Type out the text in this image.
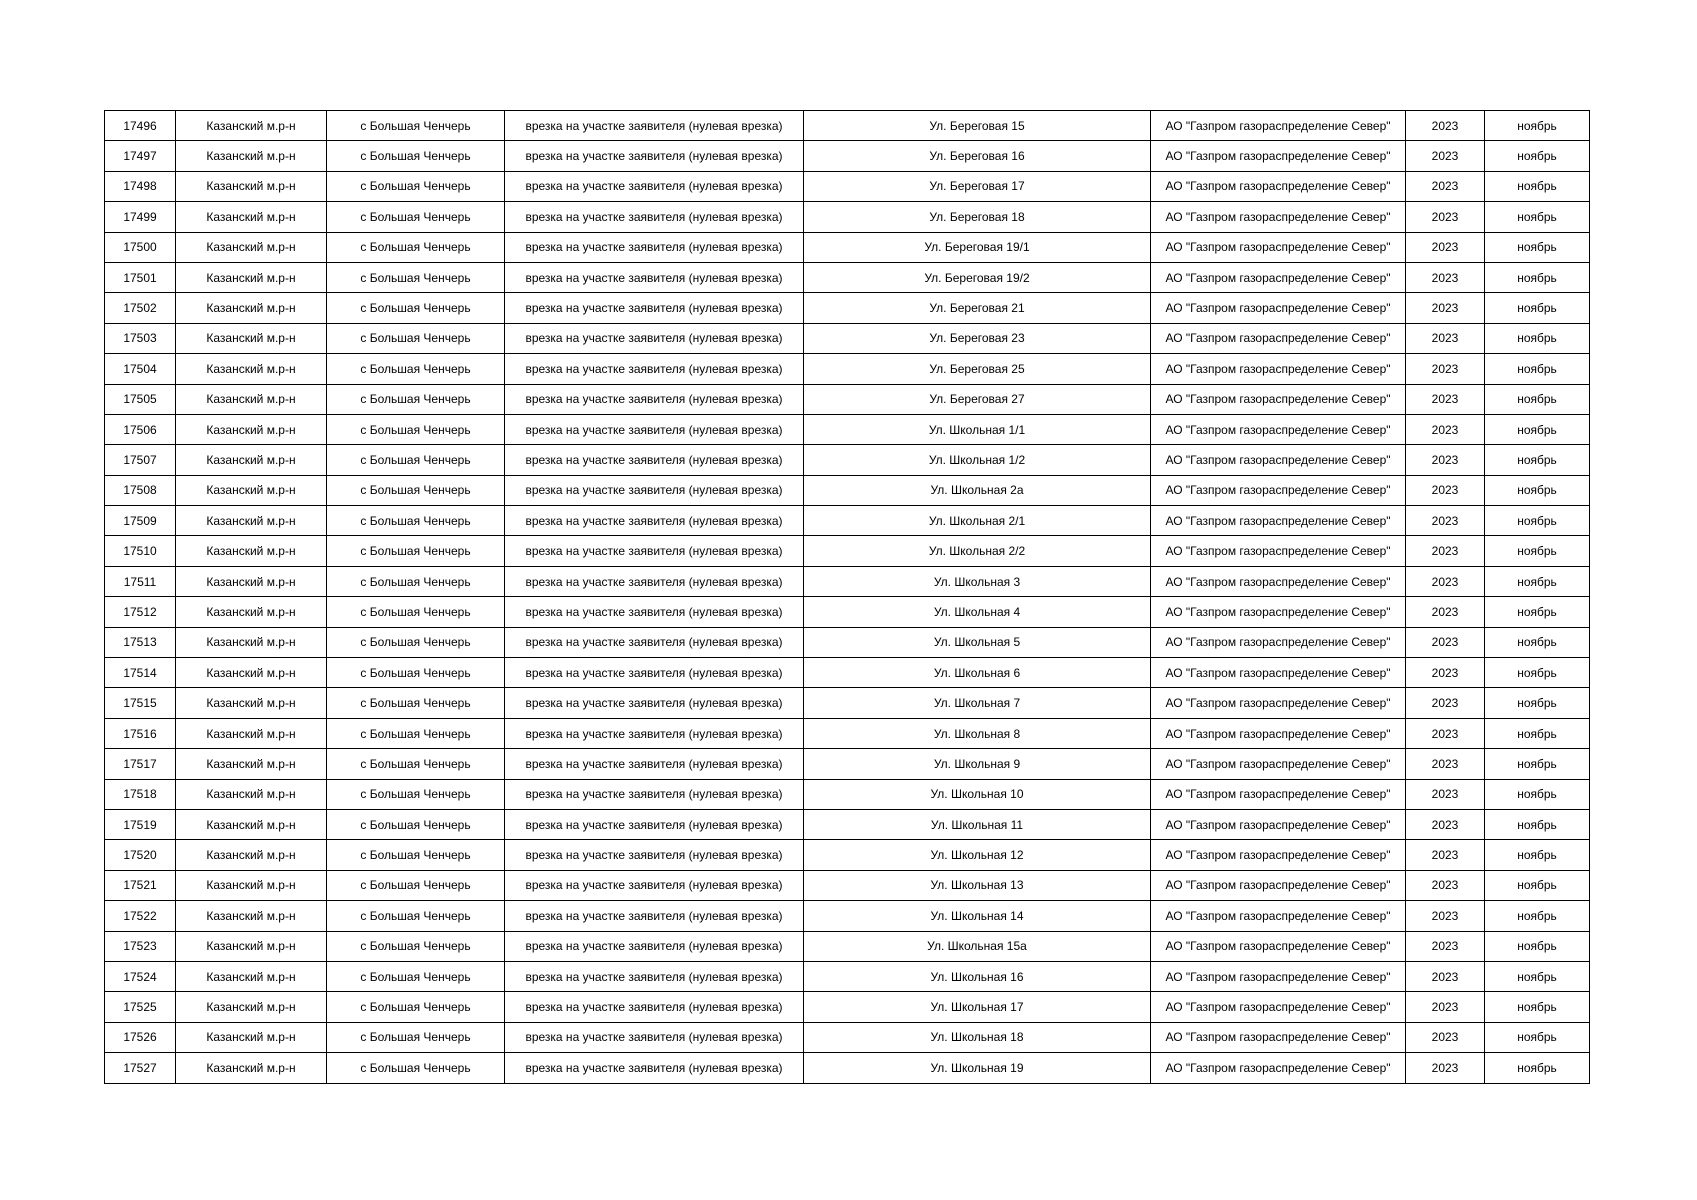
17496	Казанский м.р-н	с Большая Ченчерь	врезка на участке заявителя (нулевая врезка)	Ул. Береговая 15	АО "Газпром газораспределение Север"	2023	ноябрь
17497	Казанский м.р-н	с Большая Ченчерь	врезка на участке заявителя (нулевая врезка)	Ул. Береговая 16	АО "Газпром газораспределение Север"	2023	ноябрь
17498	Казанский м.р-н	с Большая Ченчерь	врезка на участке заявителя (нулевая врезка)	Ул. Береговая 17	АО "Газпром газораспределение Север"	2023	ноябрь
17499	Казанский м.р-н	с Большая Ченчерь	врезка на участке заявителя (нулевая врезка)	Ул. Береговая 18	АО "Газпром газораспределение Север"	2023	ноябрь
17500	Казанский м.р-н	с Большая Ченчерь	врезка на участке заявителя (нулевая врезка)	Ул. Береговая 19/1	АО "Газпром газораспределение Север"	2023	ноябрь
17501	Казанский м.р-н	с Большая Ченчерь	врезка на участке заявителя (нулевая врезка)	Ул. Береговая 19/2	АО "Газпром газораспределение Север"	2023	ноябрь
17502	Казанский м.р-н	с Большая Ченчерь	врезка на участке заявителя (нулевая врезка)	Ул. Береговая 21	АО "Газпром газораспределение Север"	2023	ноябрь
17503	Казанский м.р-н	с Большая Ченчерь	врезка на участке заявителя (нулевая врезка)	Ул. Береговая 23	АО "Газпром газораспределение Север"	2023	ноябрь
17504	Казанский м.р-н	с Большая Ченчерь	врезка на участке заявителя (нулевая врезка)	Ул. Береговая 25	АО "Газпром газораспределение Север"	2023	ноябрь
17505	Казанский м.р-н	с Большая Ченчерь	врезка на участке заявителя (нулевая врезка)	Ул. Береговая 27	АО "Газпром газораспределение Север"	2023	ноябрь
17506	Казанский м.р-н	с Большая Ченчерь	врезка на участке заявителя (нулевая врезка)	Ул. Школьная 1/1	АО "Газпром газораспределение Север"	2023	ноябрь
17507	Казанский м.р-н	с Большая Ченчерь	врезка на участке заявителя (нулевая врезка)	Ул. Школьная 1/2	АО "Газпром газораспределение Север"	2023	ноябрь
17508	Казанский м.р-н	с Большая Ченчерь	врезка на участке заявителя (нулевая врезка)	Ул. Школьная 2а	АО "Газпром газораспределение Север"	2023	ноябрь
17509	Казанский м.р-н	с Большая Ченчерь	врезка на участке заявителя (нулевая врезка)	Ул. Школьная 2/1	АО "Газпром газораспределение Север"	2023	ноябрь
17510	Казанский м.р-н	с Большая Ченчерь	врезка на участке заявителя (нулевая врезка)	Ул. Школьная 2/2	АО "Газпром газораспределение Север"	2023	ноябрь
17511	Казанский м.р-н	с Большая Ченчерь	врезка на участке заявителя (нулевая врезка)	Ул. Школьная 3	АО "Газпром газораспределение Север"	2023	ноябрь
17512	Казанский м.р-н	с Большая Ченчерь	врезка на участке заявителя (нулевая врезка)	Ул. Школьная 4	АО "Газпром газораспределение Север"	2023	ноябрь
17513	Казанский м.р-н	с Большая Ченчерь	врезка на участке заявителя (нулевая врезка)	Ул. Школьная 5	АО "Газпром газораспределение Север"	2023	ноябрь
17514	Казанский м.р-н	с Большая Ченчерь	врезка на участке заявителя (нулевая врезка)	Ул. Школьная 6	АО "Газпром газораспределение Север"	2023	ноябрь
17515	Казанский м.р-н	с Большая Ченчерь	врезка на участке заявителя (нулевая врезка)	Ул. Школьная 7	АО "Газпром газораспределение Север"	2023	ноябрь
17516	Казанский м.р-н	с Большая Ченчерь	врезка на участке заявителя (нулевая врезка)	Ул. Школьная 8	АО "Газпром газораспределение Север"	2023	ноябрь
17517	Казанский м.р-н	с Большая Ченчерь	врезка на участке заявителя (нулевая врезка)	Ул. Школьная 9	АО "Газпром газораспределение Север"	2023	ноябрь
17518	Казанский м.р-н	с Большая Ченчерь	врезка на участке заявителя (нулевая врезка)	Ул. Школьная 10	АО "Газпром газораспределение Север"	2023	ноябрь
17519	Казанский м.р-н	с Большая Ченчерь	врезка на участке заявителя (нулевая врезка)	Ул. Школьная 11	АО "Газпром газораспределение Север"	2023	ноябрь
17520	Казанский м.р-н	с Большая Ченчерь	врезка на участке заявителя (нулевая врезка)	Ул. Школьная 12	АО "Газпром газораспределение Север"	2023	ноябрь
17521	Казанский м.р-н	с Большая Ченчерь	врезка на участке заявителя (нулевая врезка)	Ул. Школьная 13	АО "Газпром газораспределение Север"	2023	ноябрь
17522	Казанский м.р-н	с Большая Ченчерь	врезка на участке заявителя (нулевая врезка)	Ул. Школьная 14	АО "Газпром газораспределение Север"	2023	ноябрь
17523	Казанский м.р-н	с Большая Ченчерь	врезка на участке заявителя (нулевая врезка)	Ул. Школьная 15а	АО "Газпром газораспределение Север"	2023	ноябрь
17524	Казанский м.р-н	с Большая Ченчерь	врезка на участке заявителя (нулевая врезка)	Ул. Школьная 16	АО "Газпром газораспределение Север"	2023	ноябрь
17525	Казанский м.р-н	с Большая Ченчерь	врезка на участке заявителя (нулевая врезка)	Ул. Школьная 17	АО "Газпром газораспределение Север"	2023	ноябрь
17526	Казанский м.р-н	с Большая Ченчерь	врезка на участке заявителя (нулевая врезка)	Ул. Школьная 18	АО "Газпром газораспределение Север"	2023	ноябрь
17527	Казанский м.р-н	с Большая Ченчерь	врезка на участке заявителя (нулевая врезка)	Ул. Школьная 19	АО "Газпром газораспределение Север"	2023	ноябрь
